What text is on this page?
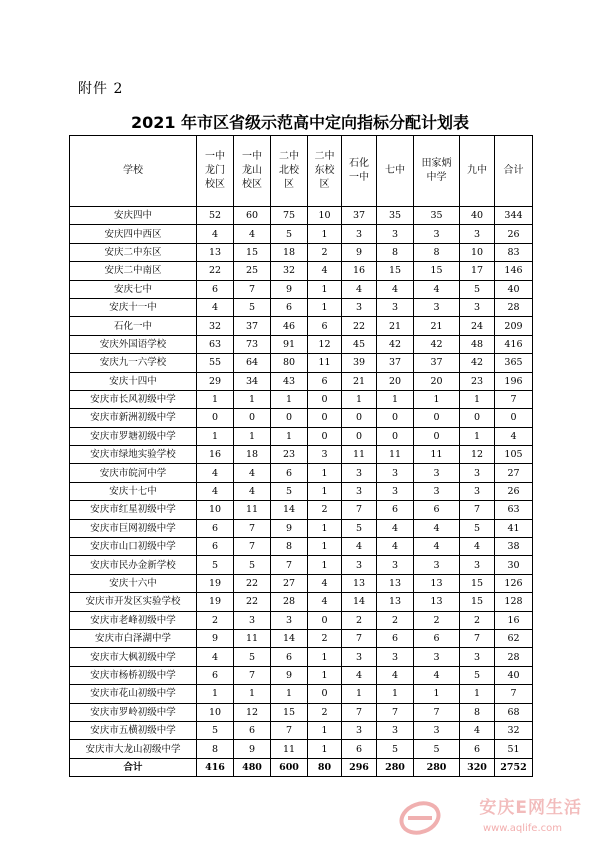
附件 2
2021 年市区省级示范高中定向指标分配计划表
学校	一中龙门校区	一中龙山校区	二中北校区	二中东校区	石化一中	七中	田家炳中学	九中	合计
安庆四中	52	60	75	10	37	35	35	40	344
安庆四中西区	4	4	5	1	3	3	3	3	26
安庆二中东区	13	15	18	2	9	8	8	10	83
安庆二中南区	22	25	32	4	16	15	15	17	146
安庆七中	6	7	9	1	4	4	4	5	40
安庆十一中	4	5	6	1	3	3	3	3	28
石化一中	32	37	46	6	22	21	21	24	209
安庆外国语学校	63	73	91	12	45	42	42	48	416
安庆九一六学校	55	64	80	11	39	37	37	42	365
安庆十四中	29	34	43	6	21	20	20	23	196
安庆市长风初级中学	1	1	1	0	1	1	1	1	7
安庆市新洲初级中学	0	0	0	0	0	0	0	0	0
安庆市罗塘初级中学	1	1	1	0	0	0	0	1	4
安庆市绿地实验学校	16	18	23	3	11	11	11	12	105
安庆市皖河中学	4	4	6	1	3	3	3	3	27
安庆十七中	4	4	5	1	3	3	3	3	26
安庆市红星初级中学	10	11	14	2	7	6	6	7	63
安庆市巨网初级中学	6	7	9	1	5	4	4	5	41
安庆市山口初级中学	6	7	8	1	4	4	4	4	38
安庆市民办金新学校	5	5	7	1	3	3	3	3	30
安庆十六中	19	22	27	4	13	13	13	15	126
安庆市开发区实验学校	19	22	28	4	14	13	13	15	128
安庆市老峰初级中学	2	3	3	0	2	2	2	2	16
安庆市白泽湖中学	9	11	14	2	7	6	6	7	62
安庆市大枫初级中学	4	5	6	1	3	3	3	3	28
安庆市杨桥初级中学	6	7	9	1	4	4	4	5	40
安庆市花山初级中学	1	1	1	0	1	1	1	1	7
安庆市罗岭初级中学	10	12	15	2	7	7	7	8	68
安庆市五横初级中学	5	6	7	1	3	3	3	4	32
安庆市大龙山初级中学	8	9	11	1	6	5	5	6	51
合计	416	480	600	80	296	280	280	320	2752
安庆E网生活
www.aqlife.com
